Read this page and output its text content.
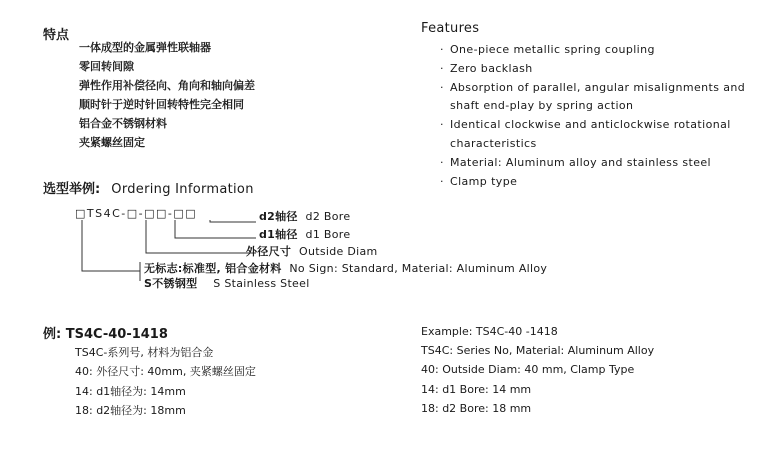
特点
一体成型的金属弹性联轴器
零回转间隙
弹性作用补偿径向、角向和轴向偏差
顺时针于逆时针回转特性完全相同
铝合金不锈钢材料
夹紧螺丝固定
Features
· One-piece metallic spring coupling
· Zero backlash
· Absorption of parallel, angular misalignments and
shaft end-play by spring action
· Identical clockwise and anticlockwise rotational
characteristics
· Material: Aluminum alloy and stainless steel
· Clamp type
选型举例: Ordering Information
□TS4C-□-□□-□□	d2轴径 d2 Bore
d1轴径 d1 Bore
外径尺寸 Outside Diam
无标志:标准型, 铝合金材料 No Sign: Standard, Material: Aluminum Alloy
S不锈钢型 S Stainless Steel
例: TS4C-40-1418
TS4C-系列号, 材料为铝合金
40: 外径尺寸: 40mm, 夹紧螺丝固定
14: d1轴径为: 14mm
18: d2轴径为: 18mm
Example: TS4C-40 -1418
TS4C: Series No, Material: Aluminum Alloy
40: Outside Diam: 40 mm, Clamp Type
14: d1 Bore: 14 mm
18: d2 Bore: 18 mm
